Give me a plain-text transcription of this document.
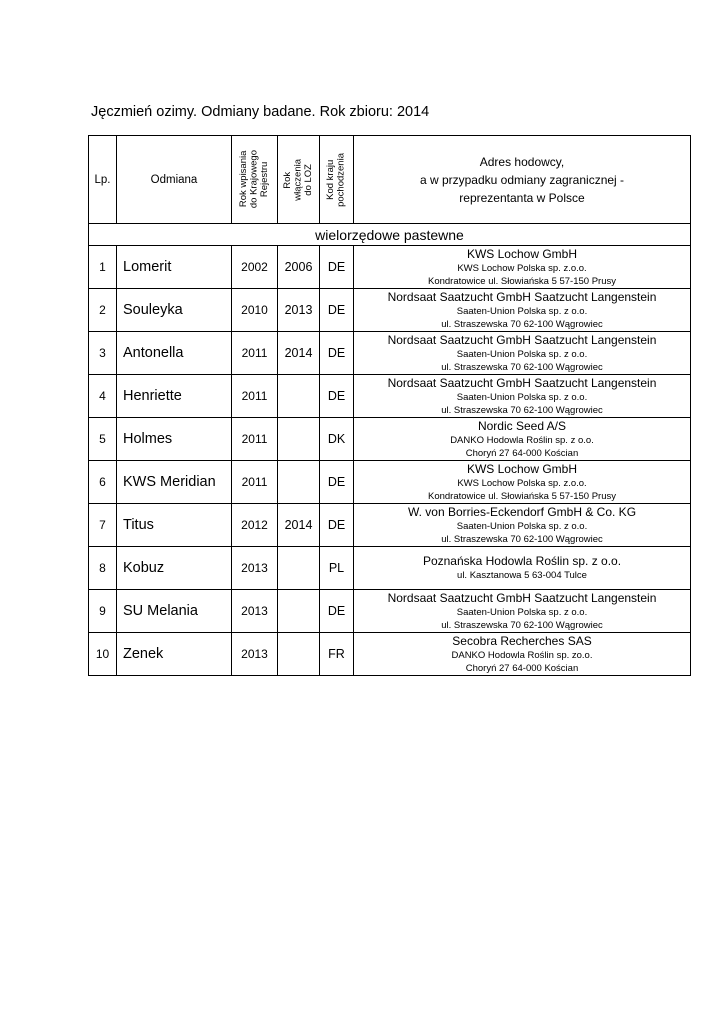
Jęczmień ozimy. Odmiany badane. Rok zbioru: 2014
Lp.	Odmiana	Rok wpisania
do Krajowego
Rejestru	Rok
włączenia
do LOZ	Kod kraju
pochodzenia	Adres hodowcy,
a w przypadku odmiany zagranicznej -
reprezentanta w Polsce
wielorzędowe pastewne					
1	Lomerit	2002	2006	DE	KWS Lochow GmbH
KWS Lochow Polska sp. z.o.o.
Kondratowice ul. Słowiańska 5 57-150 Prusy

2	Souleyka	2010	2013	DE	Nordsaat Saatzucht GmbH Saatzucht Langenstein
Saaten-Union Polska sp. z o.o.
ul. Straszewska 70 62-100 Wągrowiec

3	Antonella	2011	2014	DE	Nordsaat Saatzucht GmbH Saatzucht Langenstein
Saaten-Union Polska sp. z o.o.
ul. Straszewska 70 62-100 Wągrowiec

4	Henriette	2011		DE	Nordsaat Saatzucht GmbH Saatzucht Langenstein
Saaten-Union Polska sp. z o.o.
ul. Straszewska 70 62-100 Wągrowiec

5	Holmes	2011		DK	Nordic Seed A/S
DANKO Hodowla Roślin sp. z o.o.
Choryń 27 64-000 Kościan

6	KWS Meridian	2011		DE	KWS Lochow GmbH
KWS Lochow Polska sp. z.o.o.
Kondratowice ul. Słowiańska 5 57-150 Prusy

7	Titus	2012	2014	DE	W. von Borries-Eckendorf GmbH & Co. KG
Saaten-Union Polska sp. z o.o.
ul. Straszewska 70 62-100 Wągrowiec

8	Kobuz	2013		PL	Poznańska Hodowla Roślin sp. z o.o.
ul. Kasztanowa 5 63-004 Tulce

9	SU Melania	2013		DE	Nordsaat Saatzucht GmbH Saatzucht Langenstein
Saaten-Union Polska sp. z o.o.
ul. Straszewska 70 62-100 Wągrowiec

10	Zenek	2013		FR	Secobra Recherches SAS
DANKO Hodowla Roślin sp. zo.o.
Choryń 27 64-000 Kościan
